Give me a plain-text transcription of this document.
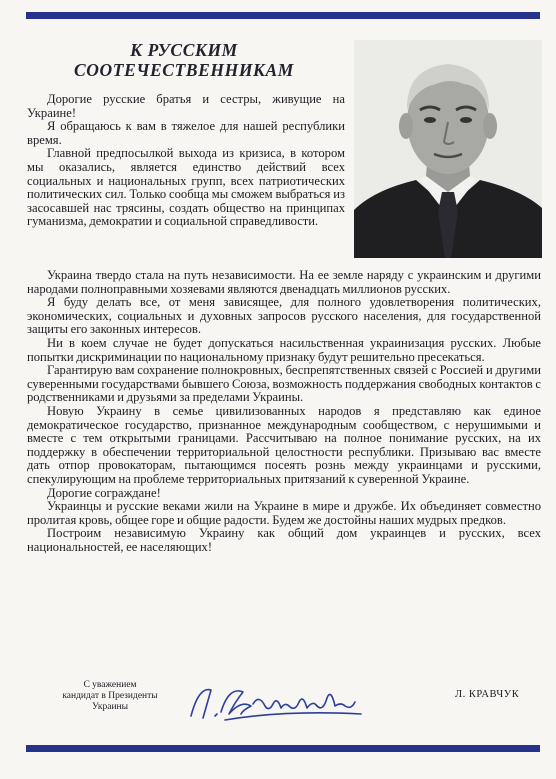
К РУССКИМ
СООТЕЧЕСТВЕННИКАМ

Дорогие русские братья и сестры, живущие на Украине!

Я обращаюсь к вам в тяжелое для нашей республики время.

Главной предпосылкой выхода из кризиса, в котором мы оказались, является единство действий всех социальных и национальных групп, всех патриотических политических сил. Только сообща мы сможем выбраться из засосавшей нас трясины, создать общество на принципах гуманизма, демократии и социальной справедливости.

Украина твердо стала на путь независимости. На ее земле наряду с украинским и другими народами полноправными хозяевами являются двенадцать миллионов русских.

Я буду делать все, от меня зависящее, для полного удовлетворения политических, экономических, социальных и духовных запросов русского населения, для государственной защиты его законных интересов.

Ни в коем случае не будет допускаться насильственная украинизация русских. Любые попытки дискриминации по национальному признаку будут решительно пресекаться.

Гарантирую вам сохранение полнокровных, беспрепятственных связей с Россией и другими суверенными государствами бывшего Союза, возможность поддержания свободных контактов с родственниками и друзьями за пределами Украины.

Новую Украину в семье цивилизованных народов я представляю как единое демократическое государство, признанное международным сообществом, с нерушимыми и вместе с тем открытыми границами. Рассчитываю на полное понимание русских, на их поддержку в обеспечении территориальной целостности республики. Призываю вас вместе дать отпор провокаторам, пытающимся посеять рознь между украинцами и русскими, спекулирующим на проблеме территориальных притязаний к суверенной Украине.

Дорогие сограждане!

Украинцы и русские веками жили на Украине в мире и дружбе. Их объединяет совместно пролитая кровь, общее горе и общие радости. Будем же достойны наших мудрых предков.

Построим независимую Украину как общий дом украинцев и русских, всех национальностей, ее населяющих!

С уважением
кандидат в Президенты
Украины
Л. КРАВЧУК
